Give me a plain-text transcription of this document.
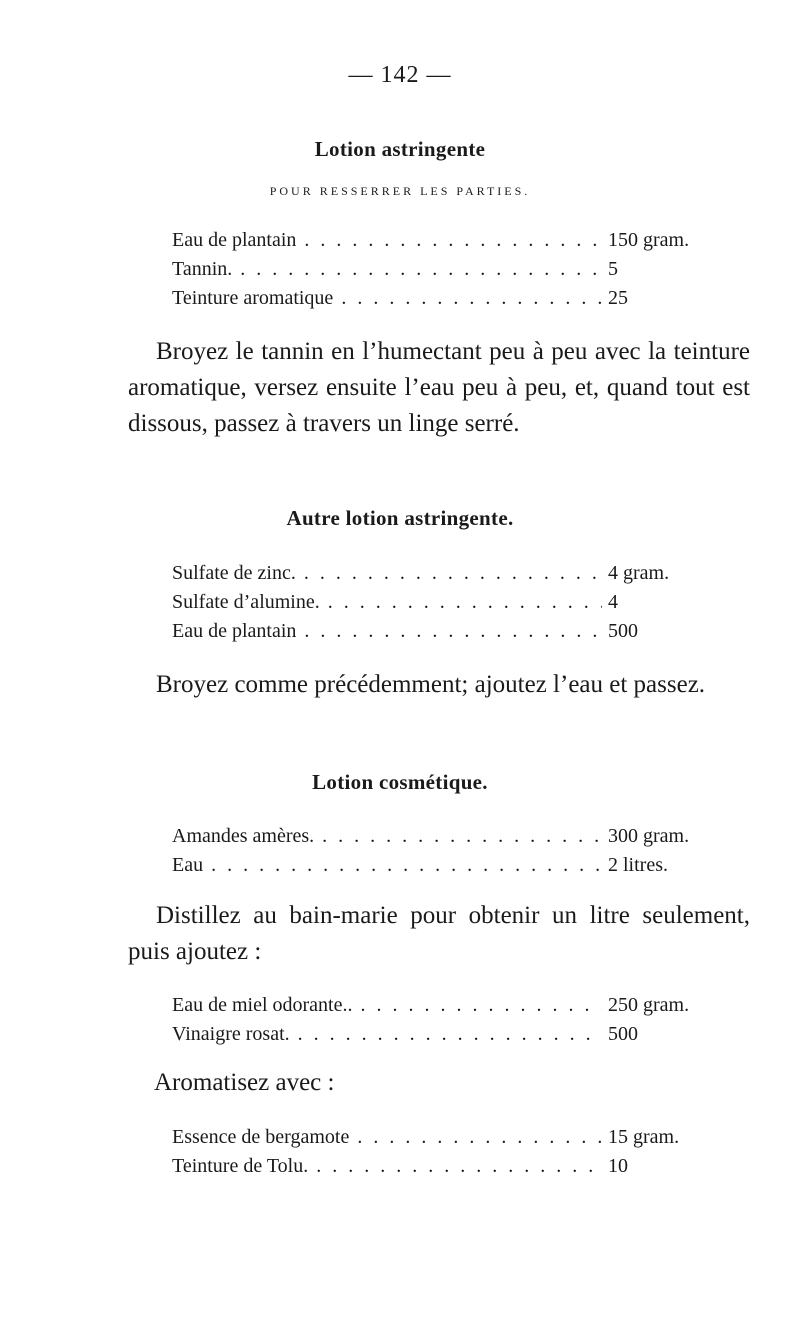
— 142 —
Lotion astringente
POUR RESSERRER LES PARTIES.
Eau de plantain . . .	150 gram.
Tannin. . . .	5
Teinture aromatique . . .	25

Broyez le tannin en l’humectant peu à peu avec la teinture aromatique, versez ensuite l’eau peu à peu, et, quand tout est dissous, passez à travers un linge serré.

Autre lotion astringente.
Sulfate de zinc. . . .	4 gram.
Sulfate d’alumine. . . .	4
Eau de plantain . . .	500

Broyez comme précédemment; ajoutez l’eau et passez.

Lotion cosmétique.
Amandes amères. . . .	300 gram.
Eau . . .	2 litres.

Distillez au bain-marie pour obtenir un litre seulement, puis ajoutez :

Eau de miel odorante.. . . .	250 gram.
Vinaigre rosat. . . .	500
Aromatisez avec :
Essence de bergamote . . .	15 gram.
Teinture de Tolu. . . .	10
